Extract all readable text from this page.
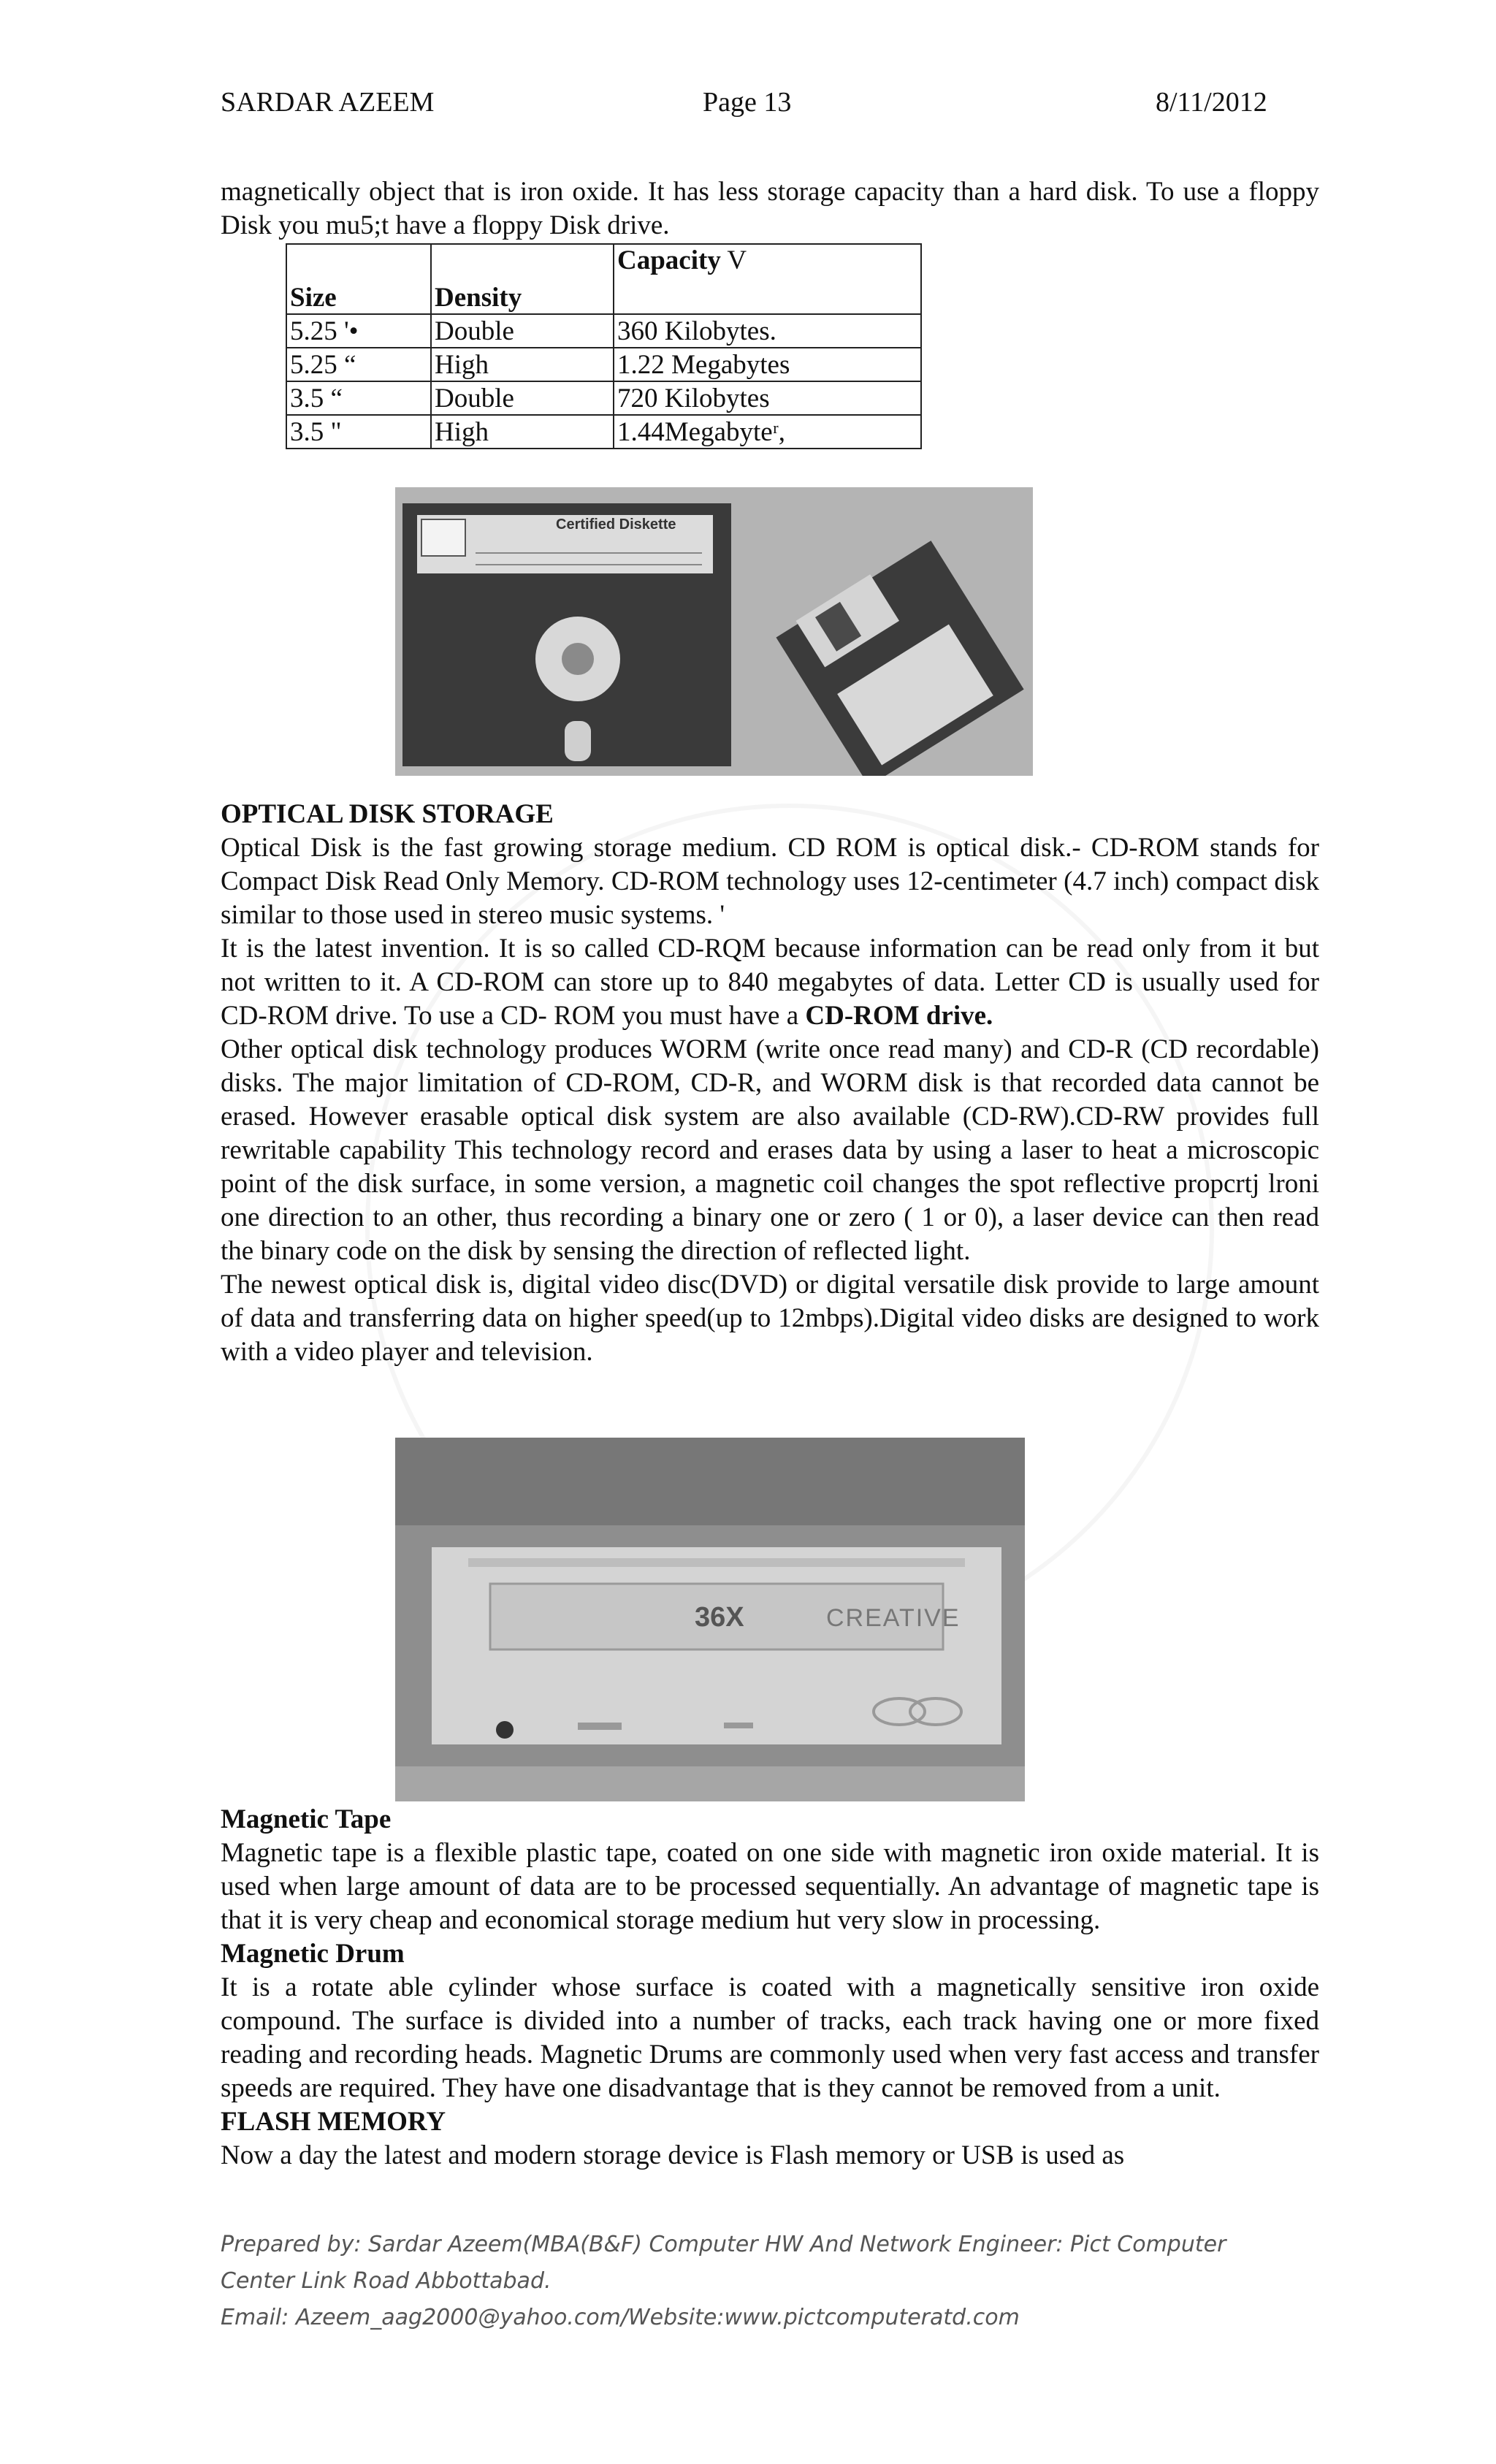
SARDAR AZEEM	Page 13	8/11/2012

magnetically object that is iron oxide. It has less storage capacity than a hard disk. To use a floppy Disk you mu5;t have a floppy Disk drive.

Size	Density	Capacity V
5.25 '•	Double	360 Kilobytes.
5.25 “	High	1.22 Megabytes
3.5 “	Double	720 Kilobytes
3.5 "	High	1.44Megabyteʳ,
Certified Diskette

OPTICAL DISK STORAGE

Optical Disk is the fast growing storage medium. CD ROM is optical disk.- CD-ROM stands for Compact Disk Read Only Memory. CD-ROM technology uses 12-centimeter (4.7 inch) compact disk similar to those used in stereo music systems. '

It is the latest invention. It is so called CD-RQM because information can be read only from it but not written to it. A CD-ROM can store up to 840 megabytes of data. Letter CD is usually used for CD-ROM drive. To use a CD- ROM you must have a CD-ROM drive.

Other optical disk technology produces WORM (write once read many) and CD-R (CD recordable) disks. The major limitation of CD-ROM, CD-R, and WORM disk is that recorded data cannot be erased. However erasable optical disk system are also available (CD-RW).CD-RW provides full rewritable capability This technology record and erases data by using a laser to heat a microscopic point of the disk surface, in some version, a magnetic coil changes the spot reflective propcrtj lroni one direction to an other, thus recording a binary one or zero ( 1 or 0), a laser device can then read the binary code on the disk by sensing the direction of reflected light.

The newest optical disk is, digital video disc(DVD) or digital versatile disk provide to large amount of data and transferring data on higher speed(up to 12mbps).Digital video disks are designed to work with a video player and television.

36X	CREATIVE

Magnetic Tape

Magnetic tape is a flexible plastic tape, coated on one side with magnetic iron oxide material. It is used when large amount of data are to be processed sequentially. An advantage of magnetic tape is that it is very cheap and economical storage medium hut very slow in processing.

Magnetic Drum

It is a rotate able cylinder whose surface is coated with a magnetically sensitive iron oxide compound. The surface is divided into a number of tracks, each track having one or more fixed reading and recording heads. Magnetic Drums are commonly used when very fast access and transfer speeds are required. They have one disadvantage that is they cannot be removed from a unit.

FLASH MEMORY

Now a day the latest and modern storage device is Flash memory or USB is used as

Prepared by: Sardar Azeem(MBA(B&F) Computer HW And Network Engineer: Pict Computer
Center Link Road Abbottabad.
Email: Azeem_aag2000@yahoo.com/Website:www.pictcomputeratd.com
